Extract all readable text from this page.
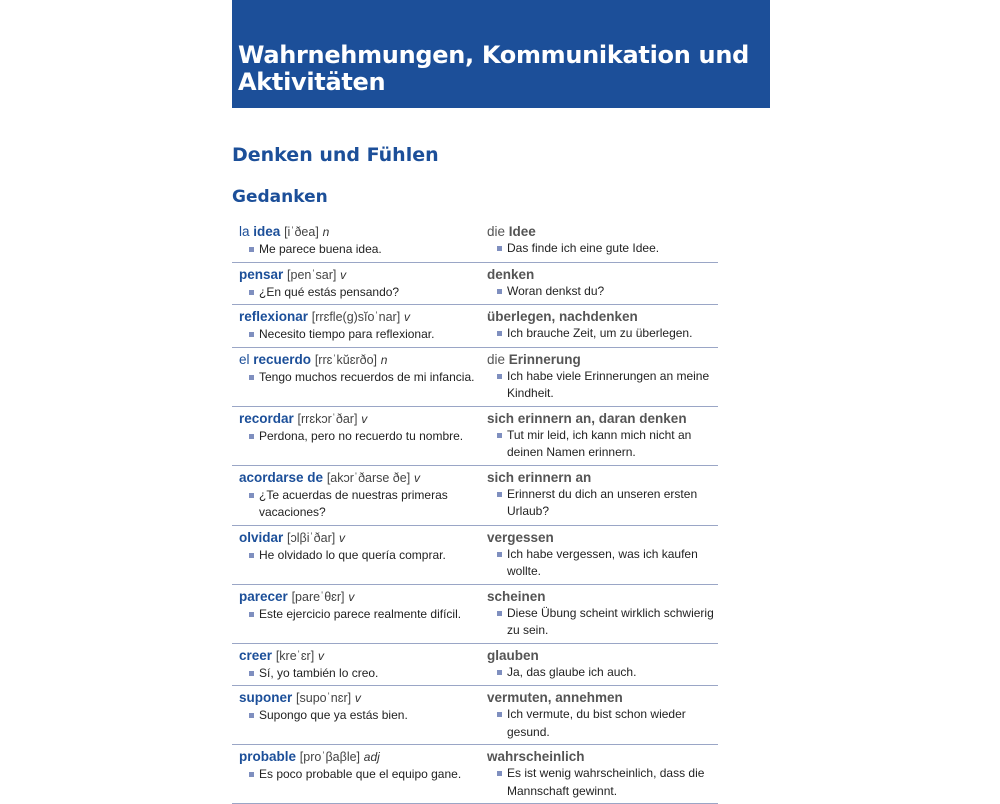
Wahrnehmungen, Kommunikation und Aktivitäten
Denken und Fühlen
Gedanken
la idea [iˈðea] n
Me parece buena idea.
die Idee
Das finde ich eine gute Idee.
pensar [penˈsar] v
¿En qué estás pensando?
denken
Woran denkst du?
reflexionar [rrɛfle(g)sĭoˈnar] v
Necesito tiempo para reflexionar.
überlegen, nachdenken
Ich brauche Zeit, um zu überlegen.
el recuerdo [rrɛˈkŭɛrðo] n
Tengo muchos recuerdos de mi infancia.
die Erinnerung
Ich habe viele Erinnerungen an meine Kindheit.
recordar [rrɛkɔrˈðar] v
Perdona, pero no recuerdo tu nombre.
sich erinnern an, daran denken
Tut mir leid, ich kann mich nicht an deinen Namen erinnern.
acordarse de [akɔrˈðarse ðe] v
¿Te acuerdas de nuestras primeras vacaciones?
sich erinnern an
Erinnerst du dich an unseren ersten Urlaub?
olvidar [ɔlβiˈðar] v
He olvidado lo que quería comprar.
vergessen
Ich habe vergessen, was ich kaufen wollte.
parecer [pareˈθɛr] v
Este ejercicio parece realmente difícil.
scheinen
Diese Übung scheint wirklich schwierig zu sein.
creer [kreˈɛr] v
Sí, yo también lo creo.
glauben
Ja, das glaube ich auch.
suponer [supoˈnɛr] v
Supongo que ya estás bien.
vermuten, annehmen
Ich vermute, du bist schon wieder gesund.
probable [proˈβaβle] adj
Es poco probable que el equipo gane.
wahrscheinlich
Es ist wenig wahrscheinlich, dass die Mannschaft gewinnt.
